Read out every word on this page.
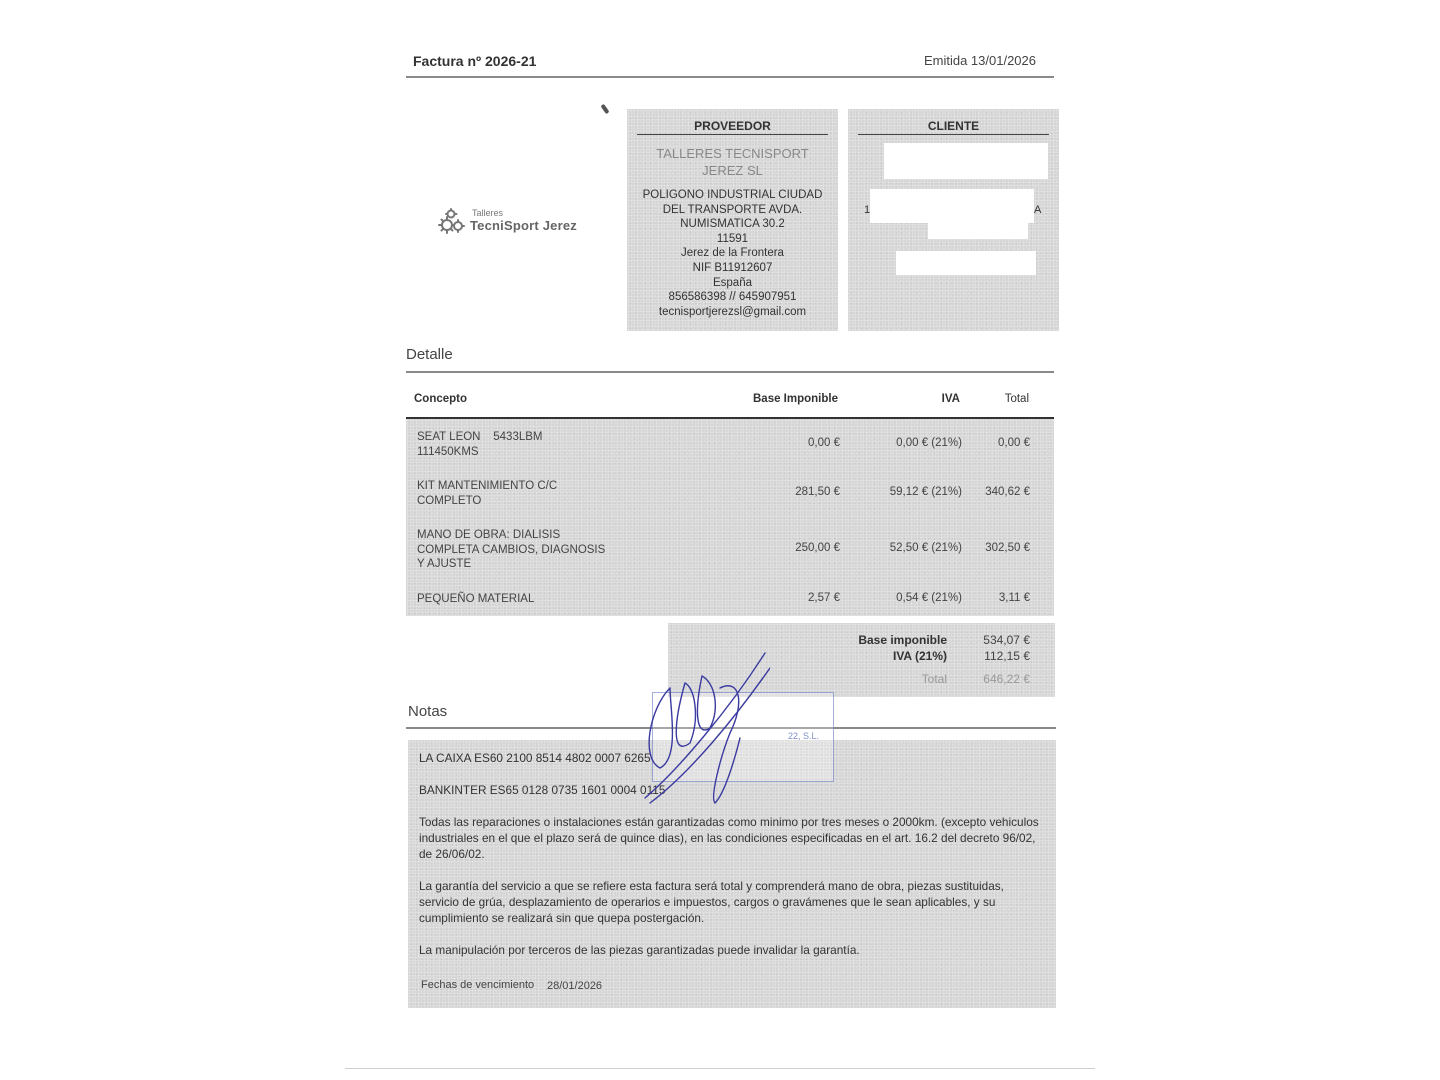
Factura nº 2026-21	Emitida 13/01/2026
Talleres
TecniSport Jerez
PROVEEDOR
TALLERES TECNISPORT
JEREZ SL
POLIGONO INDUSTRIAL CIUDAD
DEL TRANSPORTE AVDA.
NUMISMATICA 30.2
11591
Jerez de la Frontera
NIF B11912607
España
856586398 // 645907951
tecnisportjerezsl@gmail.com
CLIENTE
1	A
Detalle
Concepto	Base Imponible	IVA	Total
SEAT LEON    5433LBM
111450KMS
0,00 €	0,00 € (21%)	0,00 €
KIT MANTENIMIENTO C/C
COMPLETO
281,50 €	59,12 € (21%) 340,62 €
MANO DE OBRA: DIALISIS
COMPLETA CAMBIOS, DIAGNOSIS
Y AJUSTE
250,00 €	52,50 € (21%) 302,50 €
PEQUEÑO MATERIAL	2,57 €	0,54 € (21%)	3,11 €
Base imponible	534,07 €
IVA (21%)	112,15 €
Total	646,22 €
Notas
LA CAIXA ES60 2100 8514 4802 0007 6265
BANKINTER ES65 0128 0735 1601 0004 0115
Todas las reparaciones o instalaciones están garantizadas como minimo por tres meses o 2000km. (excepto vehiculos industriales en el que el plazo será de quince dias), en las condiciones especificadas en el art. 16.2 del decreto 96/02, de 26/06/02.
La garantía del servicio a que se refiere esta factura será total y comprenderá mano de obra, piezas sustituidas, servicio de grúa, desplazamiento de operarios e impuestos, cargos o gravámenes que le sean aplicables, y su cumplimiento se realizará sin que quepa postergación.
La manipulación por terceros de las piezas garantizadas puede invalidar la garantía.
Fechas de vencimiento 28/01/2026
22, S.L.
